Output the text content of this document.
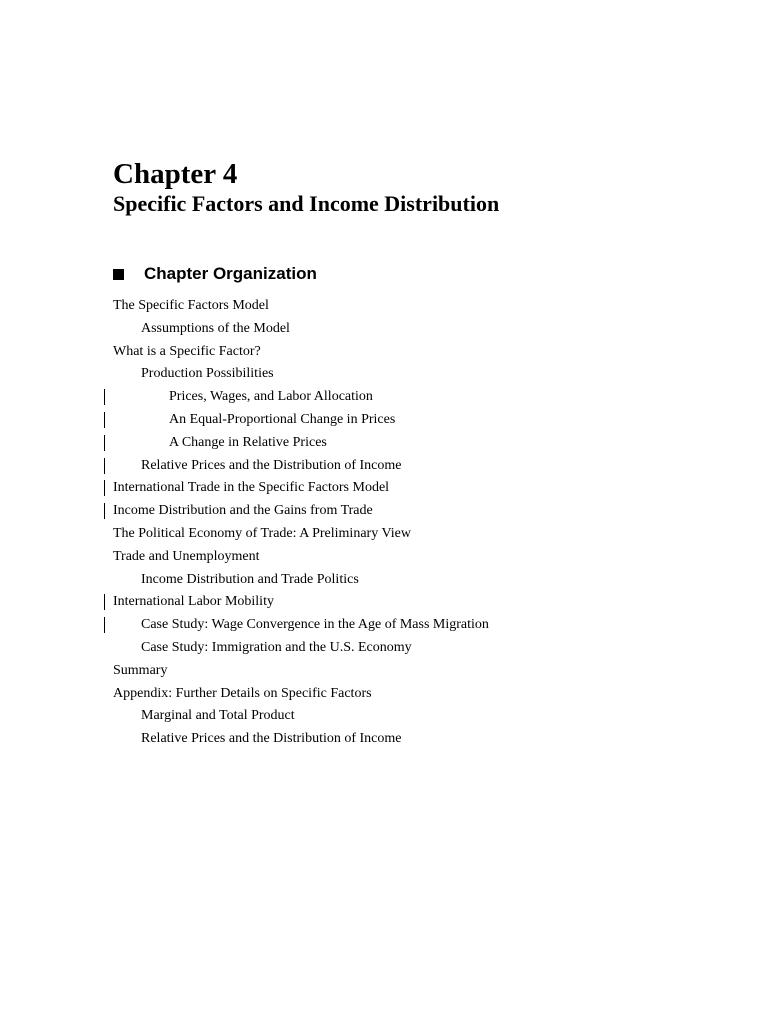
Chapter 4
Specific Factors and Income Distribution
Chapter Organization
The Specific Factors Model
Assumptions of the Model
What is a Specific Factor?
Production Possibilities
Prices, Wages, and Labor Allocation
An Equal-Proportional Change in Prices
A Change in Relative Prices
Relative Prices and the Distribution of Income
International Trade in the Specific Factors Model
Income Distribution and the Gains from Trade
The Political Economy of Trade: A Preliminary View
Trade and Unemployment
Income Distribution and Trade Politics
International Labor Mobility
Case Study: Wage Convergence in the Age of Mass Migration
Case Study: Immigration and the U.S. Economy
Summary
Appendix: Further Details on Specific Factors
Marginal and Total Product
Relative Prices and the Distribution of Income
